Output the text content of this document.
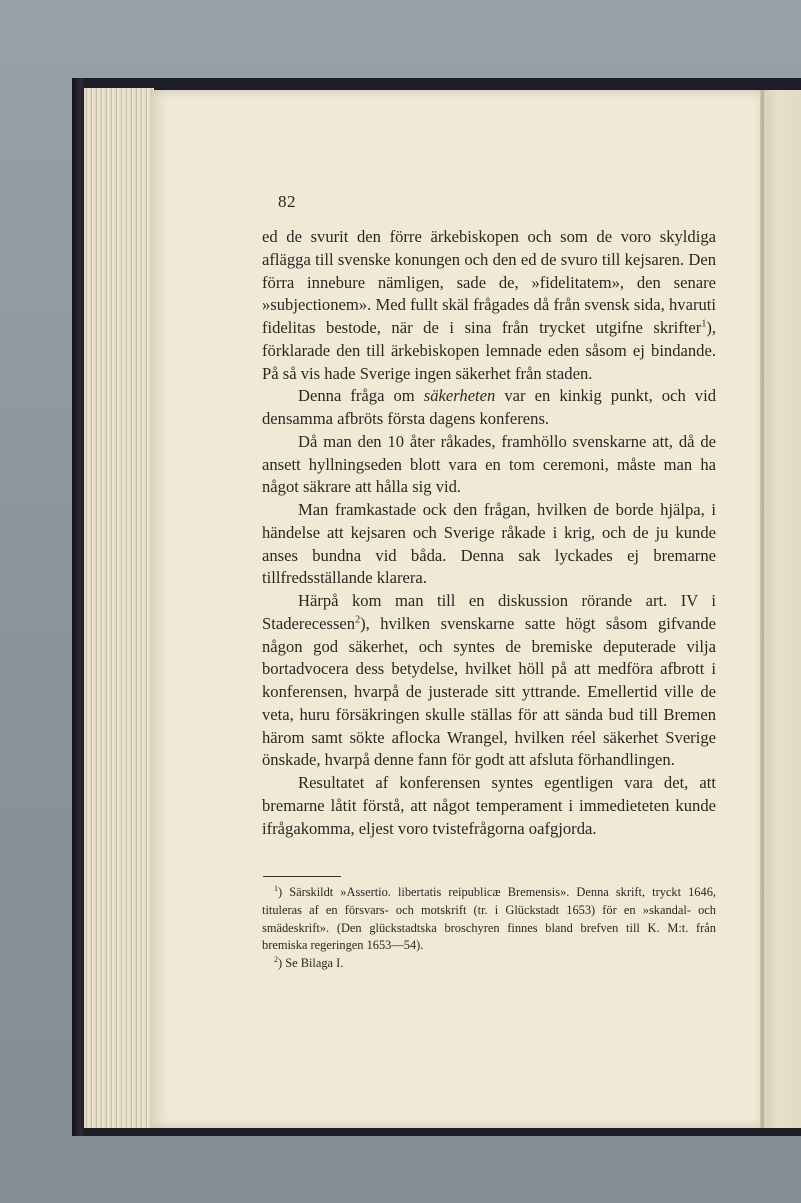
82

ed de svurit den förre ärkebiskopen och som de voro skyldiga aflägga till svenske konungen och den ed de svuro till kejsaren. Den förra innebure nämligen, sade de, »fidelitatem», den senare »subjectionem». Med fullt skäl frågades då från svensk sida, hvaruti fidelitas bestode, när de i sina från trycket utgifne skrifter$^1$), förklarade den till ärkebiskopen lemnade eden såsom ej bindande. På så vis hade Sverige ingen säkerhet från staden.

Denna fråga om säkerheten var en kinkig punkt, och vid densamma afbröts första dagens konferens.

Då man den 10 åter råkades, framhöllo svenskarne att, då de ansett hyllningseden blott vara en tom ceremoni, måste man ha något säkrare att hålla sig vid.

Man framkastade ock den frågan, hvilken de borde hjälpa, i händelse att kejsaren och Sverige råkade i krig, och de ju kunde anses bundna vid båda. Denna sak lyckades ej bremarne tillfredsställande klarera.

Härpå kom man till en diskussion rörande art. IV i Staderecessen$^2$), hvilken svenskarne satte högt såsom gifvande någon god säkerhet, och syntes de bremiske deputerade vilja bortadvocera dess betydelse, hvilket höll på att medföra afbrott i konferensen, hvarpå de justerade sitt yttrande. Emellertid ville de veta, huru försäkringen skulle ställas för att sända bud till Bremen härom samt sökte aflocka Wrangel, hvilken réel säkerhet Sverige önskade, hvarpå denne fann för godt att afsluta förhandlingen.

Resultatet af konferensen syntes egentligen vara det, att bremarne låtit förstå, att något temperament i immedieteten kunde ifrågakomma, eljest voro tvistefrågorna oafgjorda.

$^1$) Särskildt »Assertio. libertatis reipublicæ Bremensis». Denna skrift, tryckt 1646, tituleras af en försvars- och motskrift (tr. i Glückstadt 1653) för en »skandal- och smädeskrift». (Den glückstadtska broschyren finnes bland brefven till K. M:t. från bremiska regeringen 1653—54).

$^2$) Se Bilaga I.
